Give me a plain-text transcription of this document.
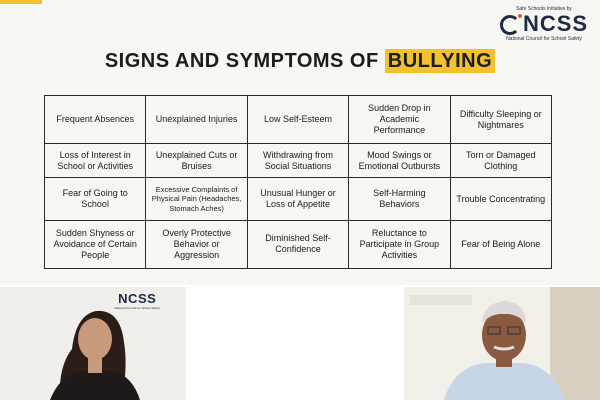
Safe Schools Initiative by
NCSS
National Council for School Safety
SIGNS AND SYMPTOMS OF BULLYING
Frequent Absences	Unexplained Injuries	Low Self-Esteem	Sudden Drop in Academic Performance	Difficulty Sleeping or Nightmares
Loss of Interest in School or Activities	Unexplained Cuts or Bruises	Withdrawing from Social Situations	Mood Swings or Emotional Outbursts	Torn or Damaged Clothing
Fear of Going to School	Excessive Complaints of Physical Pain (Headaches, Stomach Aches)	Unusual Hunger or Loss of Appetite	Self-Harming Behaviors	Trouble Concentrating
Sudden Shyness or Avoidance of Certain People	Overly Protective Behavior or Aggression	Diminished Self-Confidence	Reluctance to Participate in Group Activities	Fear of Being Alone
NCSS
National Council for School Safety
